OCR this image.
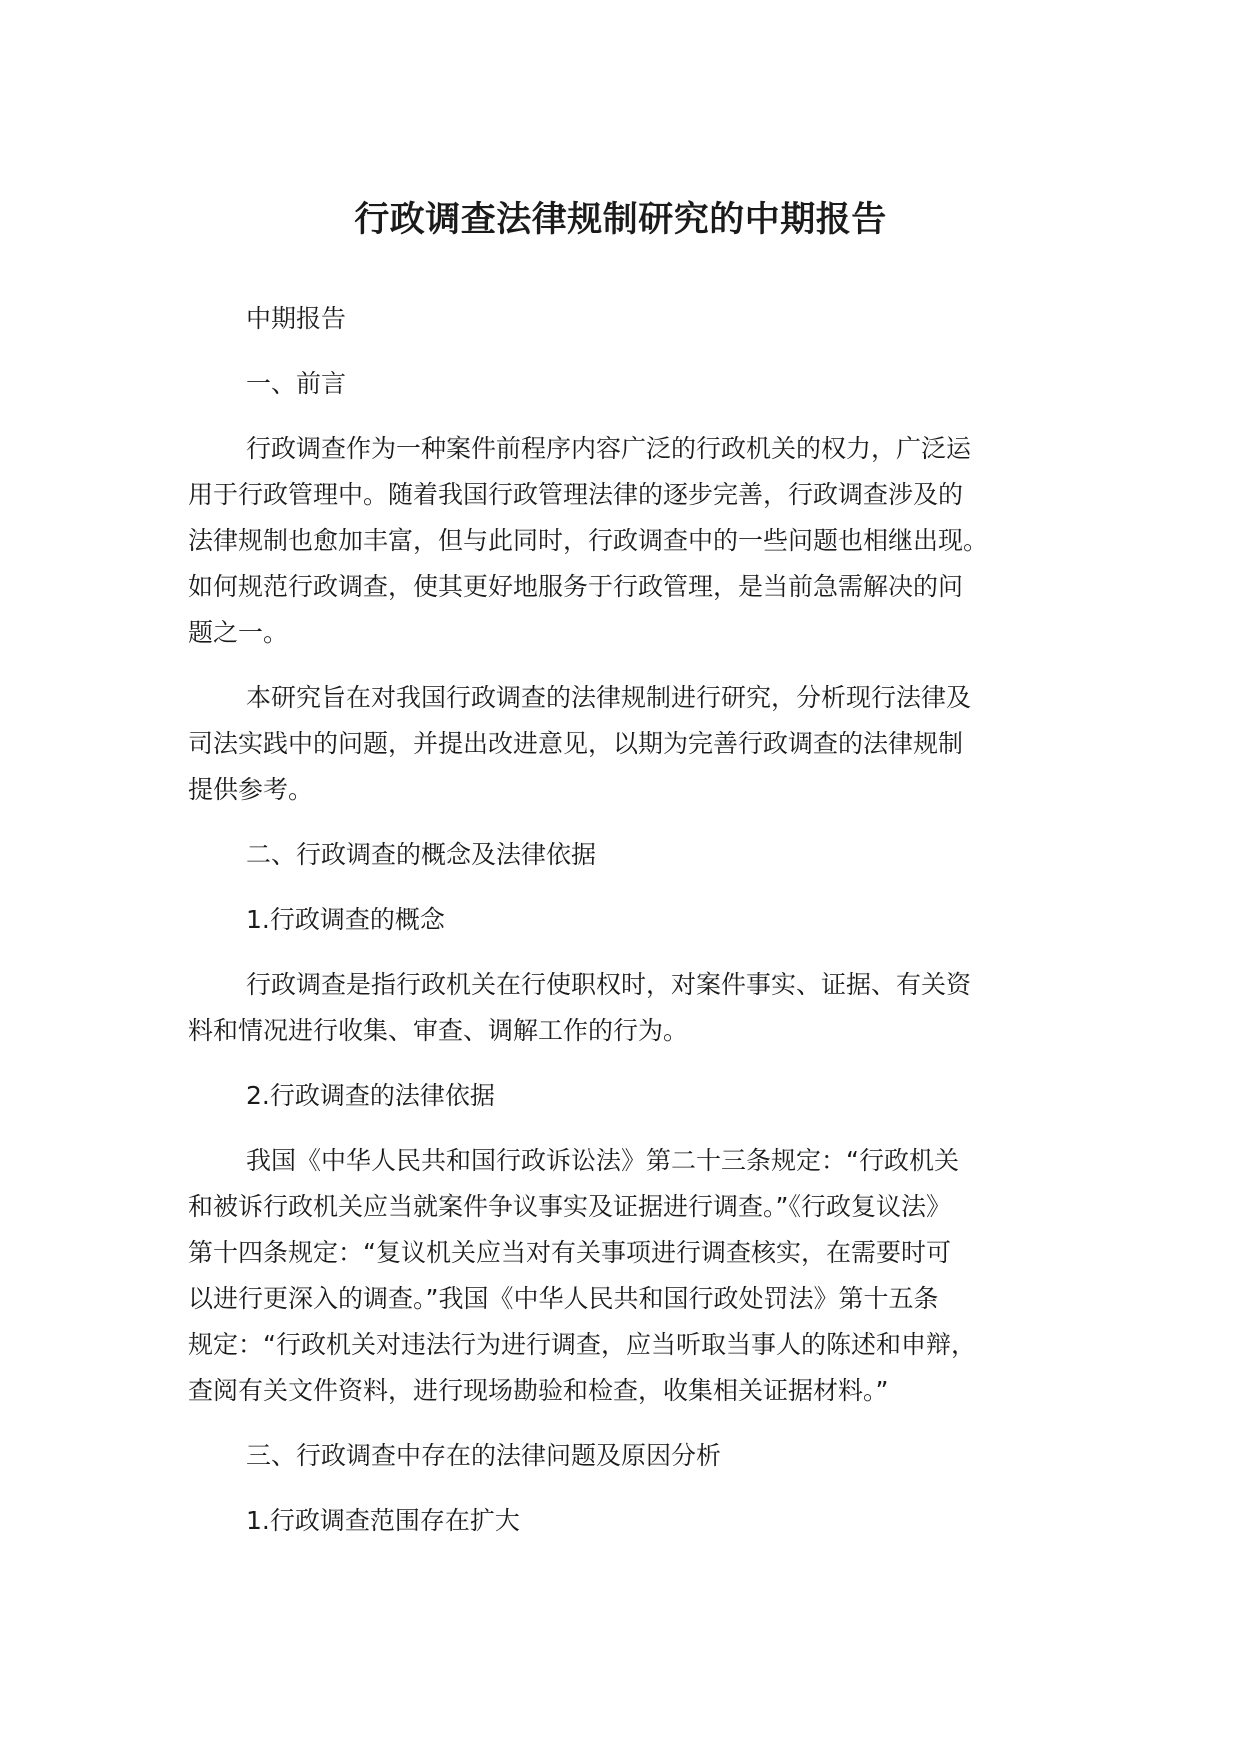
行政调查法律规制研究的中期报告

中期报告

一、前言

行政调查作为一种案件前程序内容广泛的行政机关的权力，广泛运
用于行政管理中。随着我国行政管理法律的逐步完善，行政调查涉及的
法律规制也愈加丰富，但与此同时，行政调查中的一些问题也相继出现。
如何规范行政调查，使其更好地服务于行政管理，是当前急需解决的问
题之一。

本研究旨在对我国行政调查的法律规制进行研究，分析现行法律及
司法实践中的问题，并提出改进意见，以期为完善行政调查的法律规制
提供参考。

二、行政调查的概念及法律依据

1.行政调查的概念

行政调查是指行政机关在行使职权时，对案件事实、证据、有关资
料和情况进行收集、审查、调解工作的行为。

2.行政调查的法律依据

我国《中华人民共和国行政诉讼法》第二十三条规定：“行政机关
和被诉行政机关应当就案件争议事实及证据进行调查。”《行政复议法》
第十四条规定：“复议机关应当对有关事项进行调查核实，在需要时可
以进行更深入的调查。”我国《中华人民共和国行政处罚法》第十五条
规定：“行政机关对违法行为进行调查，应当听取当事人的陈述和申辩，
查阅有关文件资料，进行现场勘验和检查，收集相关证据材料。”

三、行政调查中存在的法律问题及原因分析

1.行政调查范围存在扩大
